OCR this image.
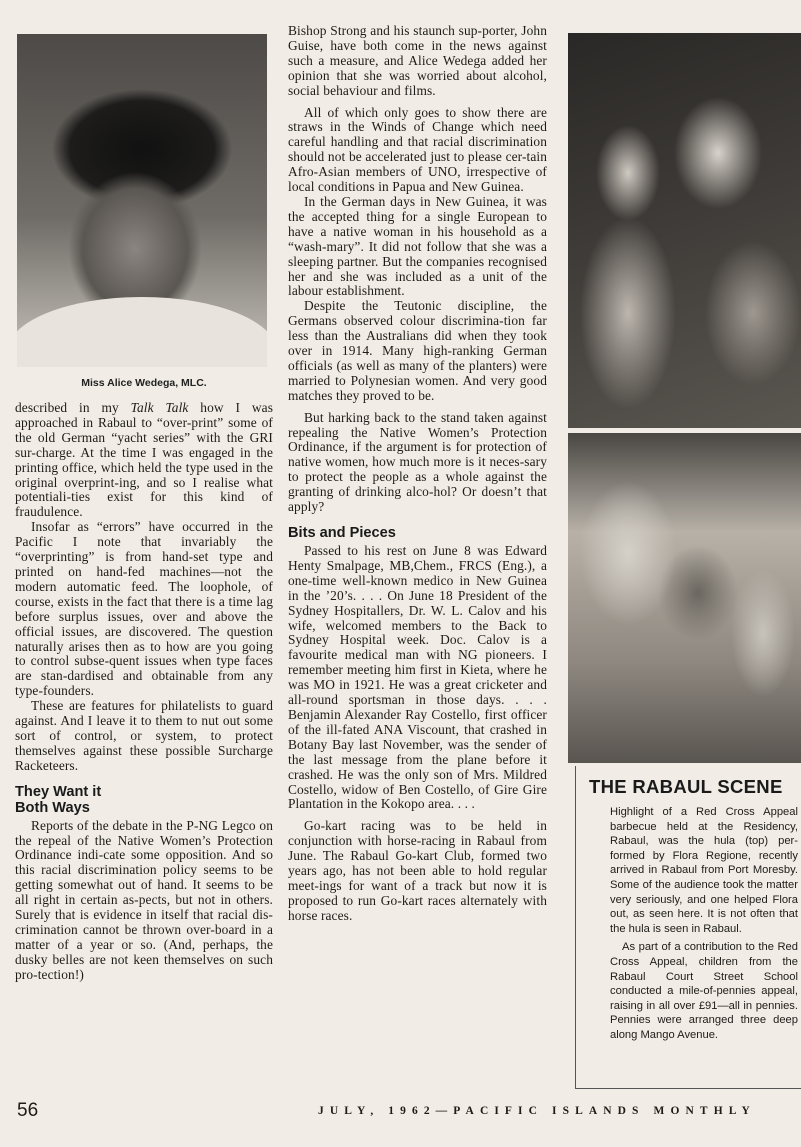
Miss Alice Wedega, MLC.

described in my Talk Talk how I was approached in Rabaul to “over-print” some of the old German “yacht series” with the GRI sur-charge. At the time I was engaged in the printing office, which held the type used in the original overprint-ing, and so I realise what potentiali-ties exist for this kind of fraudulence.

Insofar as “errors” have occurred in the Pacific I note that invariably the “overprinting” is from hand-set type and printed on hand-fed machines—not the modern automatic feed. The loophole, of course, exists in the fact that there is a time lag before surplus issues, over and above the official issues, are discovered. The question naturally arises then as to how are you going to control subse-quent issues when type faces are stan-dardised and obtainable from any type-founders.

These are features for philatelists to guard against. And I leave it to them to nut out some sort of control, or system, to protect themselves against these possible Surcharge Racketeers.

They Want it
Both Ways

Reports of the debate in the P-NG Legco on the repeal of the Native Women’s Protection Ordinance indi-cate some opposition. And so this racial discrimination policy seems to be getting somewhat out of hand. It seems to be all right in certain as-pects, but not in others. Surely that is evidence in itself that racial dis-crimination cannot be thrown over-board in a matter of a year or so. (And, perhaps, the dusky belles are not keen themselves on such pro-tection!)

Bishop Strong and his staunch sup-porter, John Guise, have both come in the news against such a measure, and Alice Wedega added her opinion that she was worried about alcohol, social behaviour and films.

All of which only goes to show there are straws in the Winds of Change which need careful handling and that racial discrimination should not be accelerated just to please cer-tain Afro-Asian members of UNO, irrespective of local conditions in Papua and New Guinea.

In the German days in New Guinea, it was the accepted thing for a single European to have a native woman in his household as a “wash-mary”. It did not follow that she was a sleeping partner. But the companies recognised her and she was included as a unit of the labour establishment.

Despite the Teutonic discipline, the Germans observed colour discrimina-tion far less than the Australians did when they took over in 1914. Many high-ranking German officials (as well as many of the planters) were married to Polynesian women. And very good matches they proved to be.

But harking back to the stand taken against repealing the Native Women’s Protection Ordinance, if the argument is for protection of native women, how much more is it neces-sary to protect the people as a whole against the granting of drinking alco-hol? Or doesn’t that apply?

Bits and Pieces

Passed to his rest on June 8 was Edward Henty Smalpage, MB,Chem., FRCS (Eng.), a one-time well-known medico in New Guinea in the ’20’s. . . . On June 18 President of the Sydney Hospitallers, Dr. W. L. Calov and his wife, welcomed members to the Back to Sydney Hospital week. Doc. Calov is a favourite medical man with NG pioneers. I remember meeting him first in Kieta, where he was MO in 1921. He was a great cricketer and all-round sportsman in those days. . . . Benjamin Alexander Ray Costello, first officer of the ill-fated ANA Viscount, that crashed in Botany Bay last November, was the sender of the last message from the plane before it crashed. He was the only son of Mrs. Mildred Costello, widow of Ben Costello, of Gire Gire Plantation in the Kokopo area. . . .

Go-kart racing was to be held in conjunction with horse-racing in Rabaul from June. The Rabaul Go-kart Club, formed two years ago, has not been able to hold regular meet-ings for want of a track but now it is proposed to run Go-kart races alternately with horse races.

THE RABAUL SCENE

Highlight of a Red Cross Appeal barbecue held at the Residency, Rabaul, was the hula (top) per-formed by Flora Regione, recently arrived in Rabaul from Port Moresby. Some of the audience took the matter very seriously, and one helped Flora out, as seen here. It is not often that the hula is seen in Rabaul.

As part of a contribution to the Red Cross Appeal, children from the Rabaul Court Street School conducted a mile-of-pennies appeal, raising in all over £91—all in pennies. Pennies were arranged three deep along Mango Avenue.

56	JULY, 1962—PACIFIC ISLANDS MONTHLY
